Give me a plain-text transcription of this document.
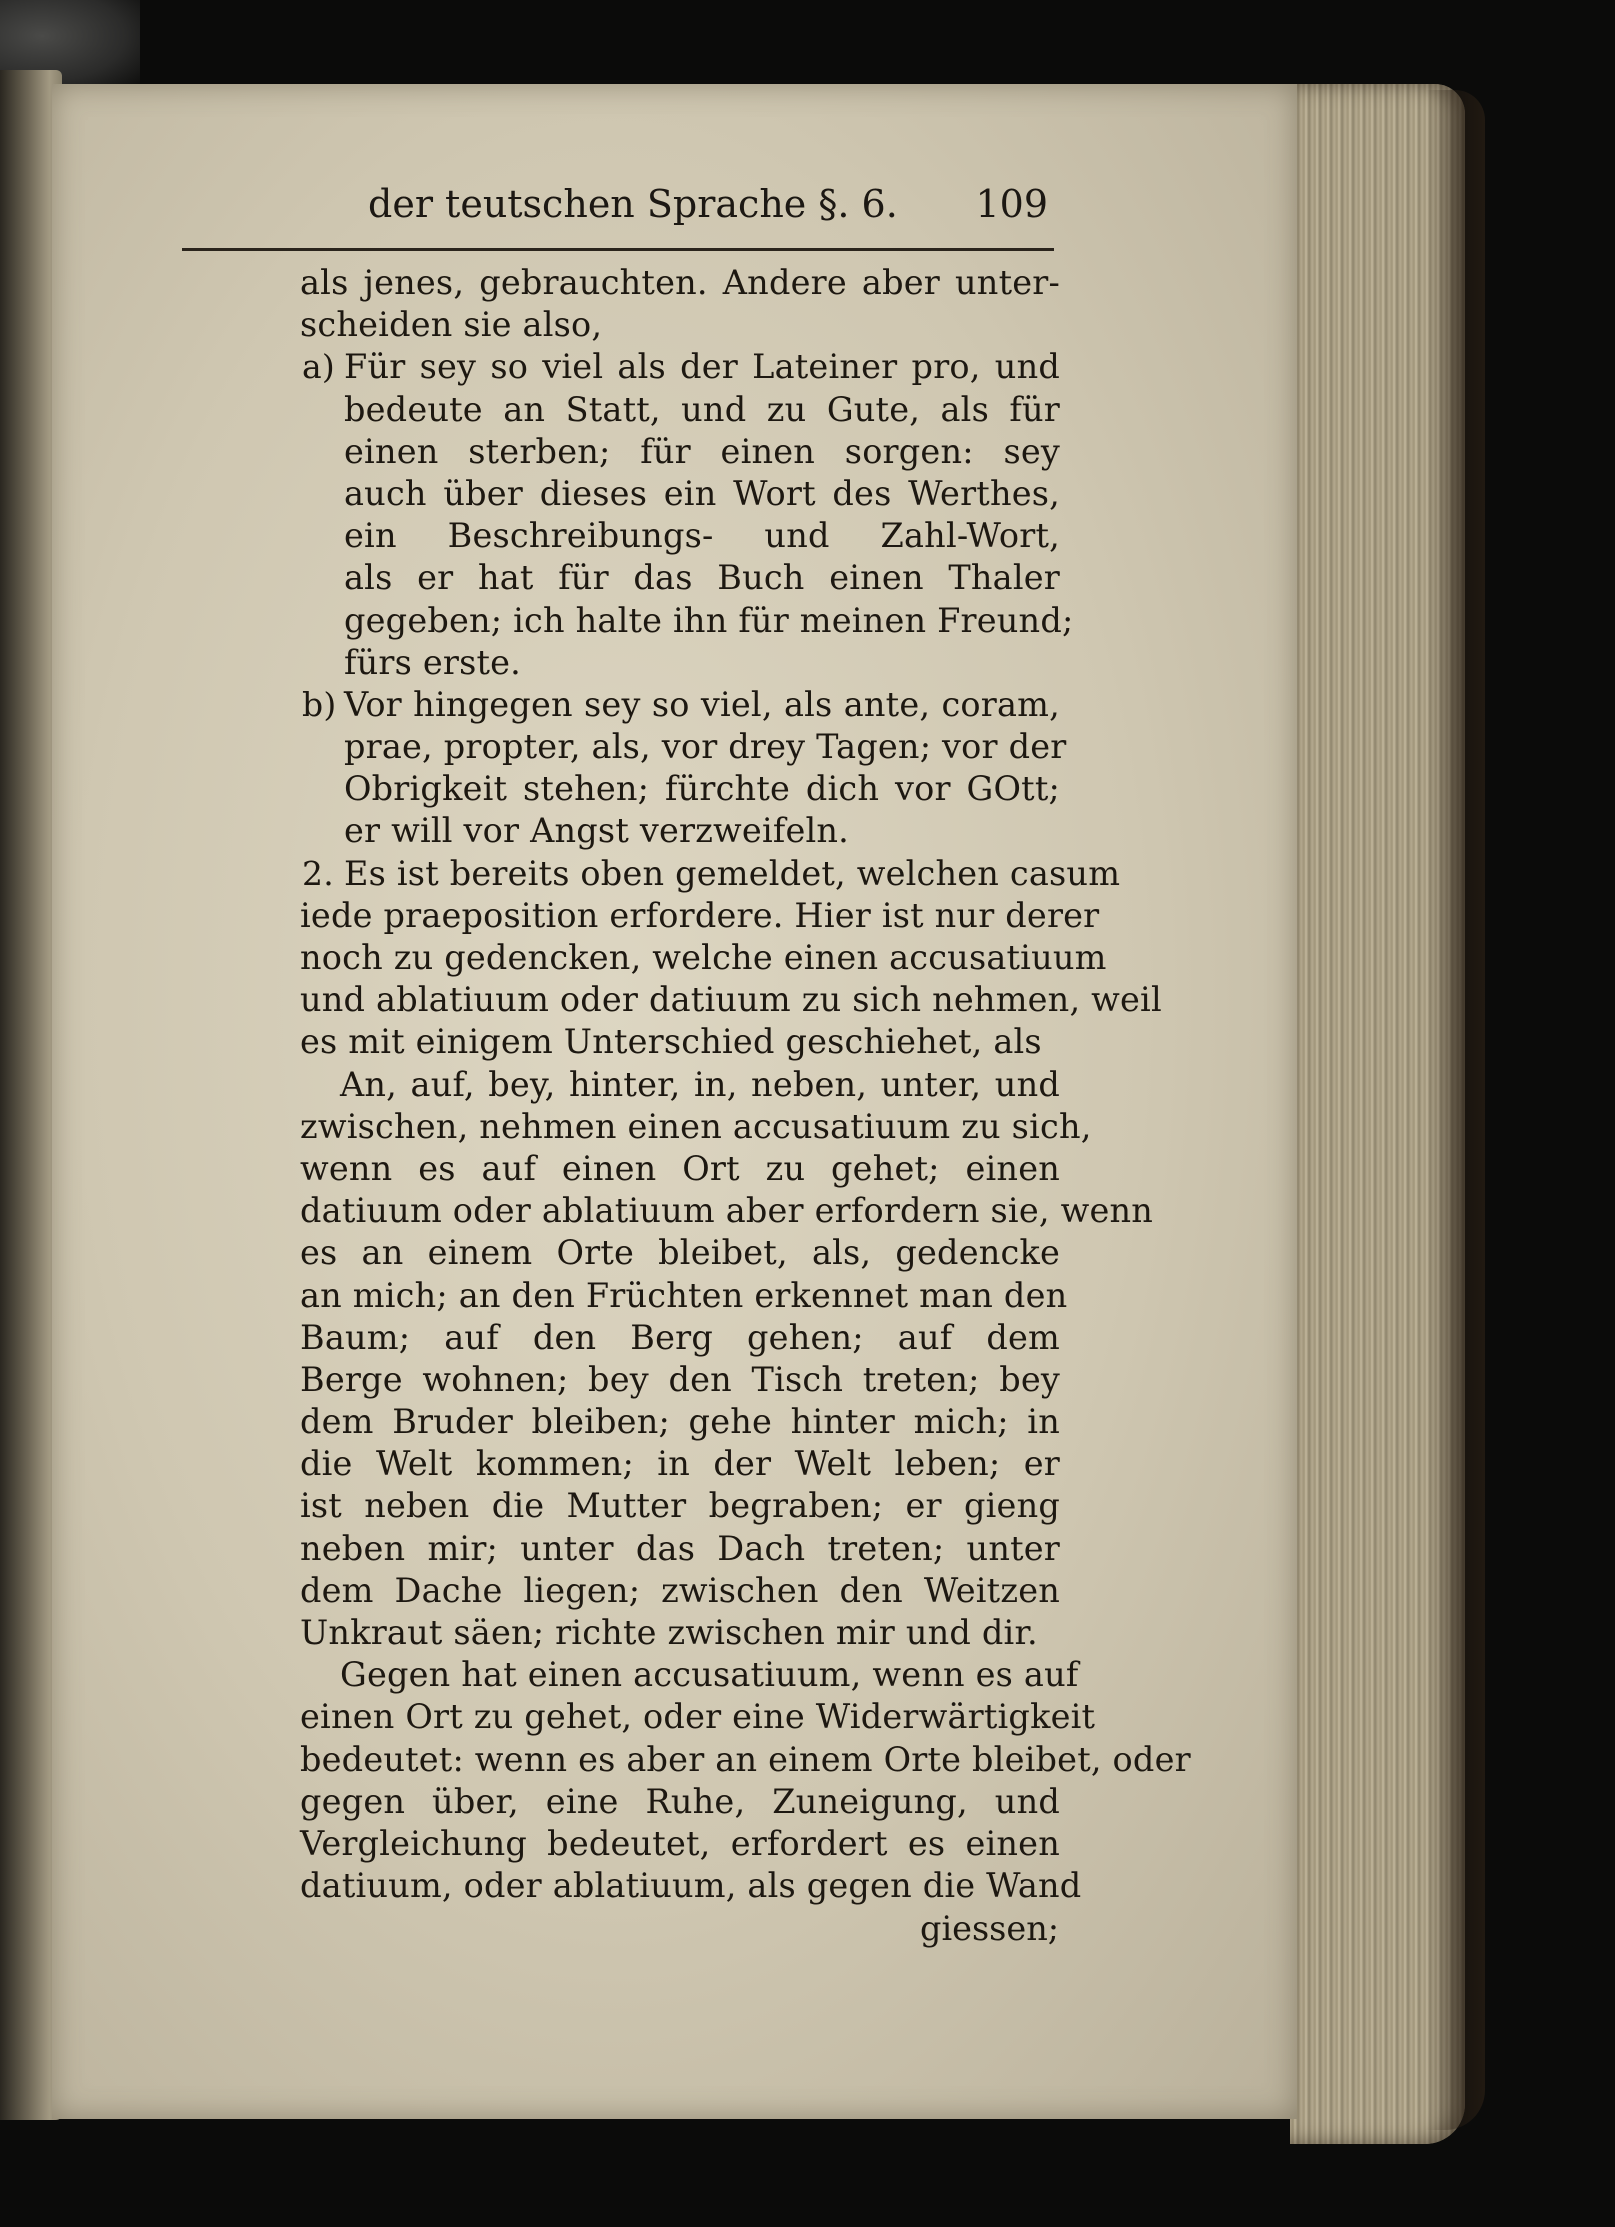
der teutschen Sprache §. 6. 109
als jenes, gebrauchten. Andere aber unter-
scheiden sie also,
a) Für sey so viel als der Lateiner pro, und
bedeute an Statt, und zu Gute, als für
einen sterben; für einen sorgen: sey
auch über dieses ein Wort des Werthes,
ein Beschreibungs- und Zahl-Wort,
als er hat für das Buch einen Thaler
gegeben; ich halte ihn für meinen Freund;
fürs erste.
b) Vor hingegen sey so viel, als ante, coram,
prae, propter, als, vor drey Tagen; vor der
Obrigkeit stehen; fürchte dich vor GOtt;
er will vor Angst verzweifeln.
2. Es ist bereits oben gemeldet, welchen casum
iede praeposition erfordere. Hier ist nur derer
noch zu gedencken, welche einen accusatiuum
und ablatiuum oder datiuum zu sich nehmen, weil
es mit einigem Unterschied geschiehet, als
An, auf, bey, hinter, in, neben, unter, und
zwischen, nehmen einen accusatiuum zu sich,
wenn es auf einen Ort zu gehet; einen
datiuum oder ablatiuum aber erfordern sie, wenn
es an einem Orte bleibet, als, gedencke
an mich; an den Früchten erkennet man den
Baum; auf den Berg gehen; auf dem
Berge wohnen; bey den Tisch treten; bey
dem Bruder bleiben; gehe hinter mich; in
die Welt kommen; in der Welt leben; er
ist neben die Mutter begraben; er gieng
neben mir; unter das Dach treten; unter
dem Dache liegen; zwischen den Weitzen
Unkraut säen; richte zwischen mir und dir.
Gegen hat einen accusatiuum, wenn es auf
einen Ort zu gehet, oder eine Widerwärtigkeit
bedeutet: wenn es aber an einem Orte bleibet, oder
gegen über, eine Ruhe, Zuneigung, und
Vergleichung bedeutet, erfordert es einen
datiuum, oder ablatiuum, als gegen die Wand
giessen;
